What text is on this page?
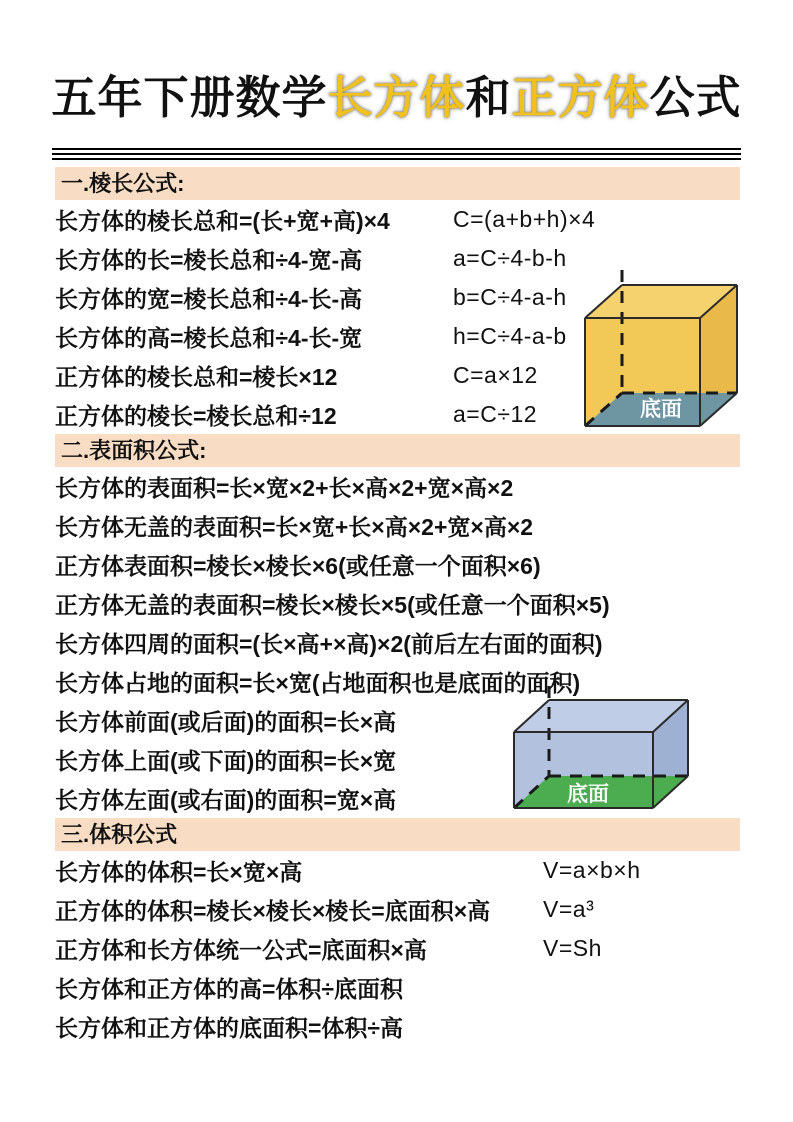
五年下册数学长方体和正方体公式
一.棱长公式:
长方体的棱长总和=(长+宽+高)×4	C=(a+b+h)×4
长方体的长=棱长总和÷4-宽-高	a=C÷4-b-h
长方体的宽=棱长总和÷4-长-高	b=C÷4-a-h
长方体的高=棱长总和÷4-长-宽	h=C÷4-a-b
正方体的棱长总和=棱长×12	C=a×12
正方体的棱长=棱长总和÷12	a=C÷12
二.表面积公式:
长方体的表面积=长×宽×2+长×高×2+宽×高×2
长方体无盖的表面积=长×宽+长×高×2+宽×高×2
正方体表面积=棱长×棱长×6(或任意一个面积×6)
正方体无盖的表面积=棱长×棱长×5(或任意一个面积×5)
长方体四周的面积=(长×高+×高)×2(前后左右面的面积)
长方体占地的面积=长×宽(占地面积也是底面的面积)
长方体前面(或后面)的面积=长×高
长方体上面(或下面)的面积=长×宽
长方体左面(或右面)的面积=宽×高
三.体积公式
长方体的体积=长×宽×高	V=a×b×h
正方体的体积=棱长×棱长×棱长=底面积×高	V=a³
正方体和长方体统一公式=底面积×高	V=Sh
长方体和正方体的高=体积÷底面积
长方体和正方体的底面积=体积÷高
底面
底面
